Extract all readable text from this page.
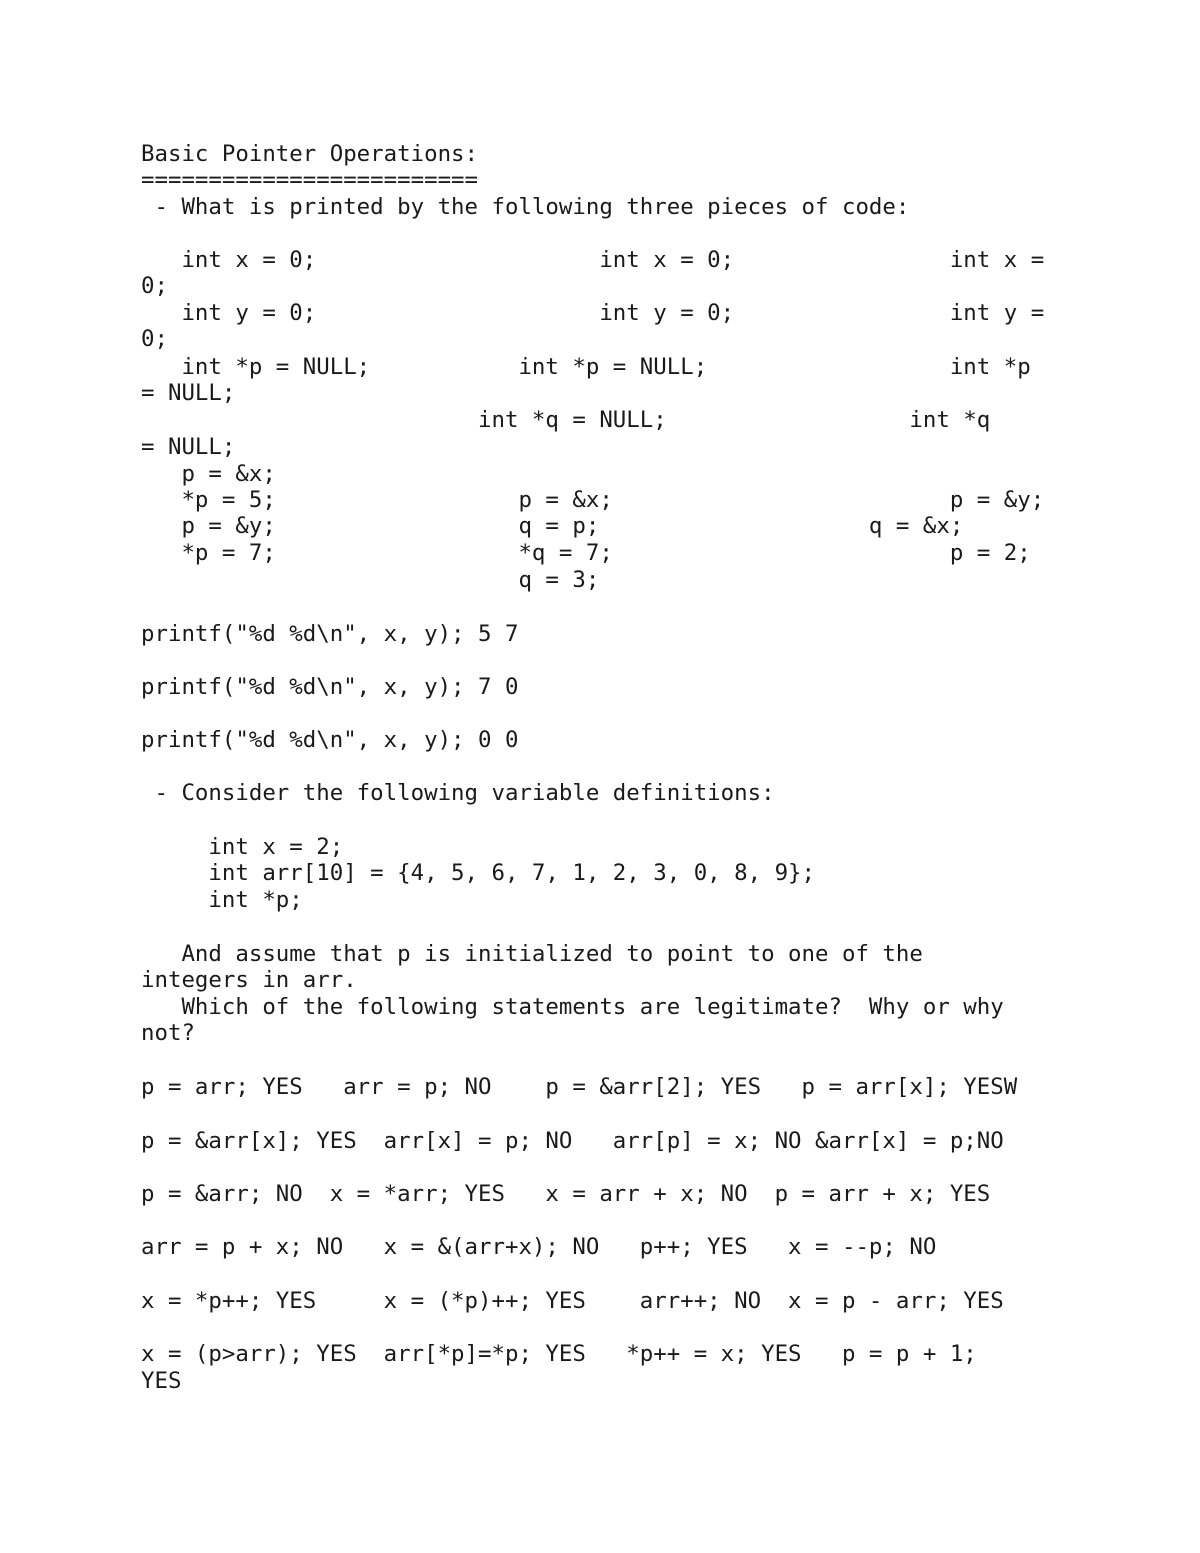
Basic Pointer Operations:
=========================
- What is printed by the following three pieces of code:
int x = 0;                     int x = 0;                int x =
0;
int y = 0;                     int y = 0;                int y =
0;
int *p = NULL;           int *p = NULL;                  int *p
= NULL;
int *q = NULL;                  int *q
= NULL;
p = &x;
*p = 5;                  p = &x;                         p = &y;
p = &y;                  q = p;                    q = &x;
*p = 7;                  *q = 7;                         p = 2;
q = 3;
printf("%d %d\n", x, y); 5 7
printf("%d %d\n", x, y); 7 0
printf("%d %d\n", x, y); 0 0
- Consider the following variable definitions:
int x = 2;
int arr[10] = {4, 5, 6, 7, 1, 2, 3, 0, 8, 9};
int *p;
And assume that p is initialized to point to one of the
integers in arr.
Which of the following statements are legitimate?  Why or why
not?
p = arr; YES   arr = p; NO    p = &arr[2]; YES   p = arr[x]; YESW
p = &arr[x]; YES  arr[x] = p; NO   arr[p] = x; NO &arr[x] = p;NO
p = &arr; NO  x = *arr; YES   x = arr + x; NO  p = arr + x; YES
arr = p + x; NO   x = &(arr+x); NO   p++; YES   x = --p; NO
x = *p++; YES     x = (*p)++; YES    arr++; NO  x = p - arr; YES
x = (p>arr); YES  arr[*p]=*p; YES   *p++ = x; YES   p = p + 1;
YES
